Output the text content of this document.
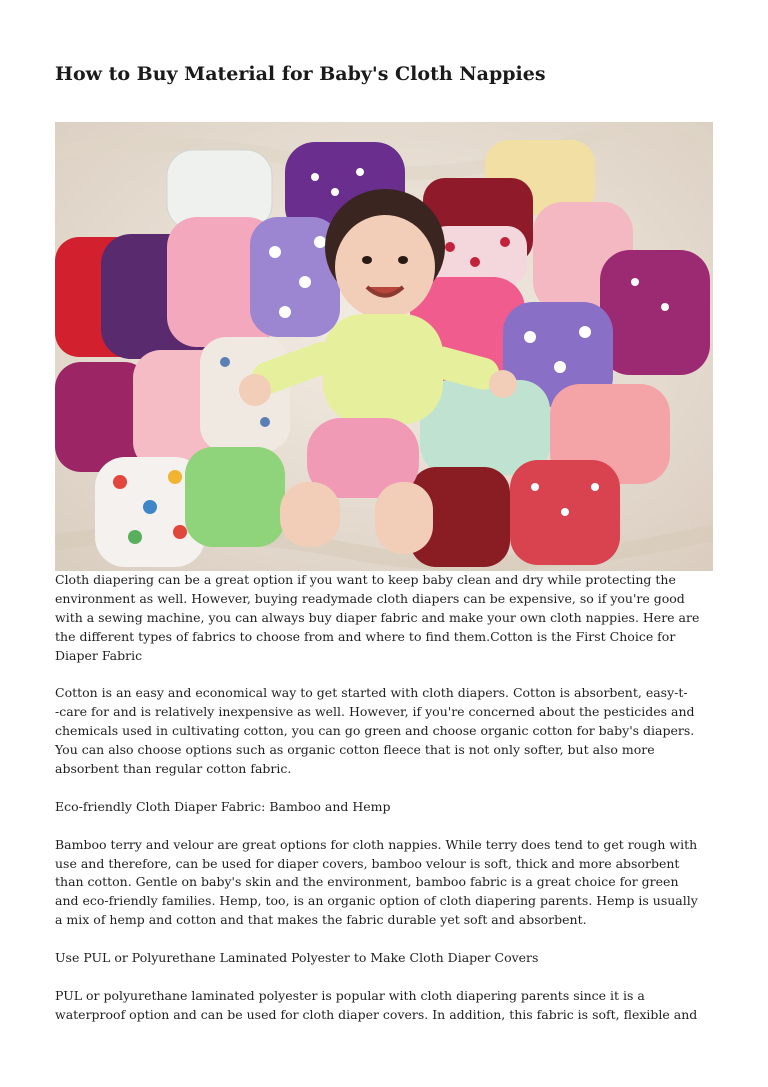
How to Buy Material for Baby's Cloth Nappies

Cloth diapering can be a great option if you want to keep baby clean and dry while protecting the
environment as well. However, buying readymade cloth diapers can be expensive, so if you're good
with a sewing machine, you can always buy diaper fabric and make your own cloth nappies. Here are
the different types of fabrics to choose from and where to find them.Cotton is the First Choice for
Diaper Fabric

Cotton is an easy and economical way to get started with cloth diapers. Cotton is absorbent, easy-t-
-care for and is relatively inexpensive as well. However, if you're concerned about the pesticides and
chemicals used in cultivating cotton, you can go green and choose organic cotton for baby's diapers.
You can also choose options such as organic cotton fleece that is not only softer, but also more
absorbent than regular cotton fabric.

Eco-friendly Cloth Diaper Fabric: Bamboo and Hemp

Bamboo terry and velour are great options for cloth nappies. While terry does tend to get rough with
use and therefore, can be used for diaper covers, bamboo velour is soft, thick and more absorbent
than cotton. Gentle on baby's skin and the environment, bamboo fabric is a great choice for green
and eco-friendly families. Hemp, too, is an organic option of cloth diapering parents. Hemp is usually
a mix of hemp and cotton and that makes the fabric durable yet soft and absorbent.

Use PUL or Polyurethane Laminated Polyester to Make Cloth Diaper Covers

PUL or polyurethane laminated polyester is popular with cloth diapering parents since it is a
waterproof option and can be used for cloth diaper covers. In addition, this fabric is soft, flexible and
